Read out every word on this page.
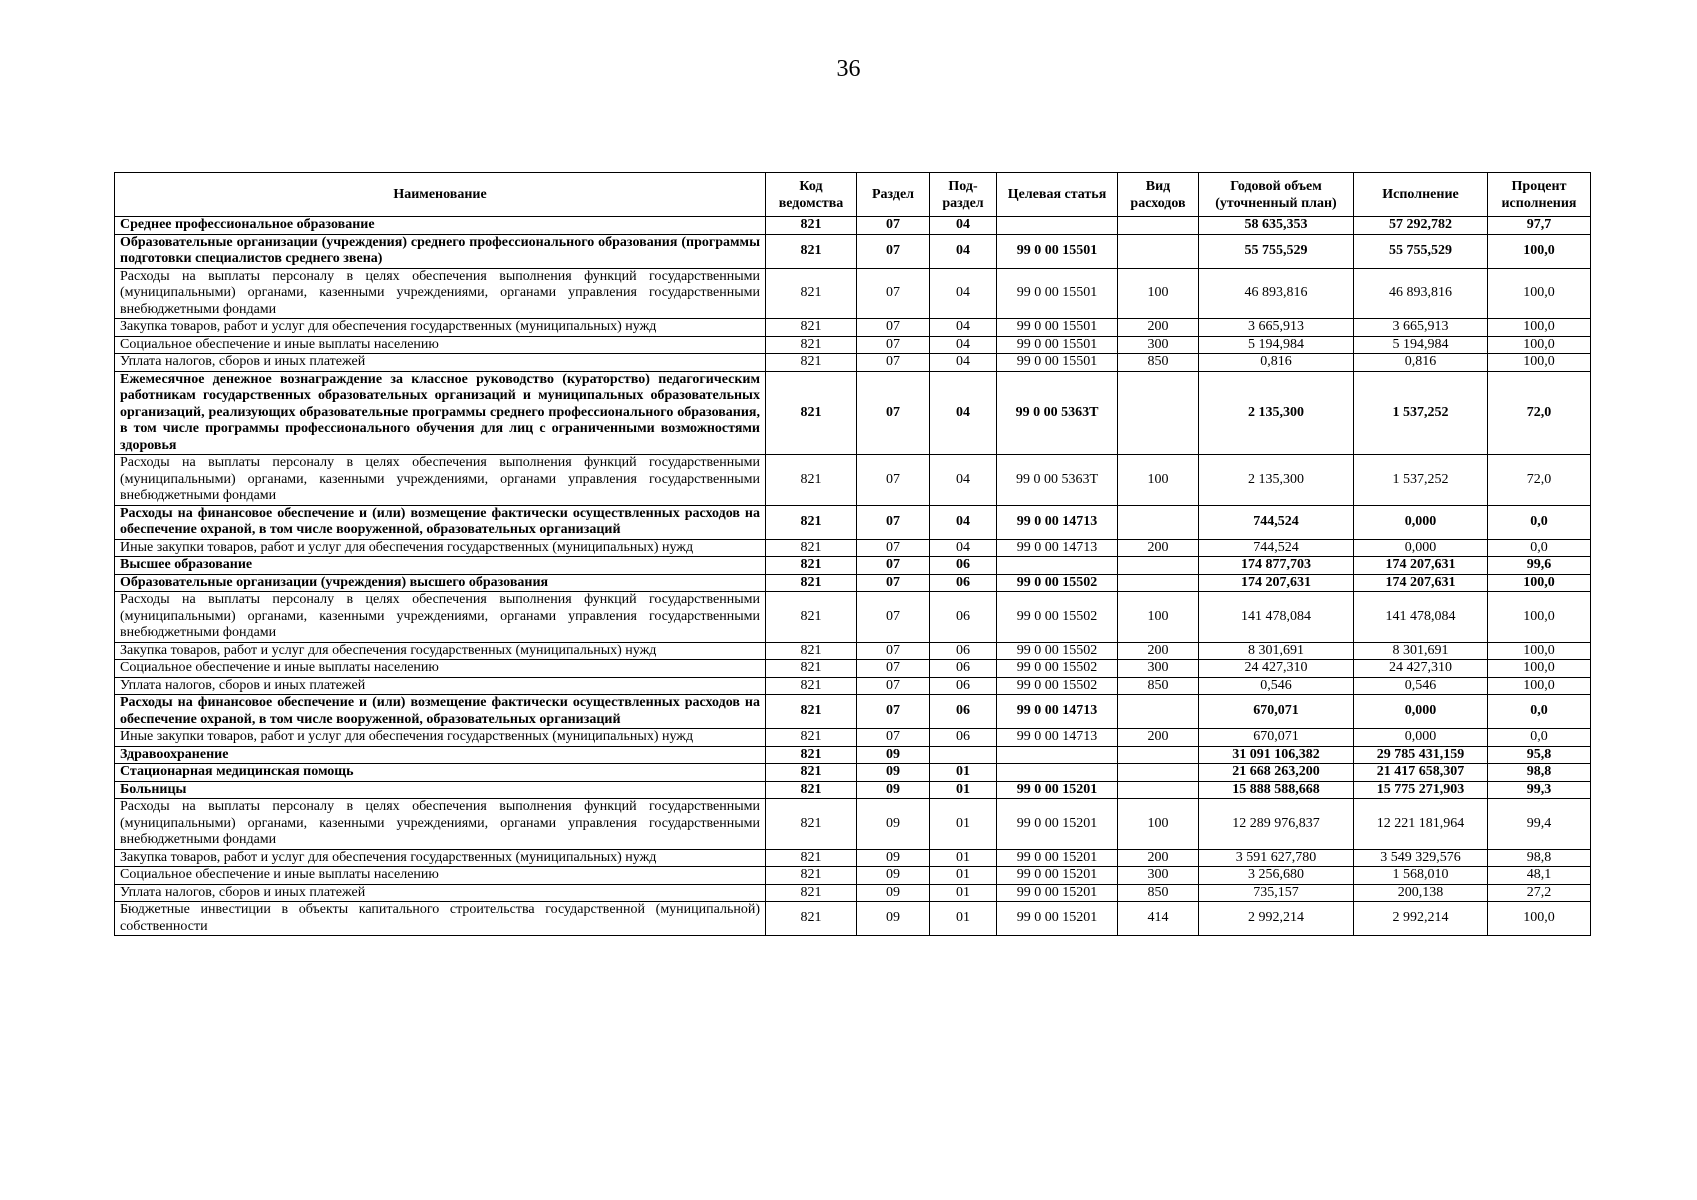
36
Наименование	Код ведомства	Раздел	Под-раздел	Целевая статья	Вид расходов	Годовой объем (уточненный план)	Исполнение	Процент исполнения
Среднее профессиональное образование	821	07	04			58 635,353	57 292,782	97,7
Образовательные организации (учреждения) среднего профессионального образования (программы подготовки специалистов среднего звена)	821	07	04	99 0 00 15501		55 755,529	55 755,529	100,0
Расходы на выплаты персоналу в целях обеспечения выполнения функций государственными (муниципальными) органами, казенными учреждениями, органами управления государственными внебюджетными фондами	821	07	04	99 0 00 15501	100	46 893,816	46 893,816	100,0
Закупка товаров, работ и услуг для обеспечения государственных (муниципальных) нужд	821	07	04	99 0 00 15501	200	3 665,913	3 665,913	100,0
Социальное обеспечение и иные выплаты населению	821	07	04	99 0 00 15501	300	5 194,984	5 194,984	100,0
Уплата налогов, сборов и иных платежей	821	07	04	99 0 00 15501	850	0,816	0,816	100,0
Ежемесячное денежное вознаграждение за классное руководство (кураторство) педагогическим работникам государственных образовательных организаций и муниципальных образовательных организаций, реализующих образовательные программы среднего профессионального образования, в том числе программы профессионального обучения для лиц с ограниченными возможностями здоровья	821	07	04	99 0 00 5363Т		2 135,300	1 537,252	72,0
Расходы на выплаты персоналу в целях обеспечения выполнения функций государственными (муниципальными) органами, казенными учреждениями, органами управления государственными внебюджетными фондами	821	07	04	99 0 00 5363Т	100	2 135,300	1 537,252	72,0
Расходы на финансовое обеспечение и (или) возмещение фактически осуществленных расходов на обеспечение охраной, в том числе вооруженной, образовательных организаций	821	07	04	99 0 00 14713		744,524	0,000	0,0
Иные закупки товаров, работ и услуг для обеспечения государственных (муниципальных) нужд	821	07	04	99 0 00 14713	200	744,524	0,000	0,0
Высшее образование	821	07	06			174 877,703	174 207,631	99,6
Образовательные организации (учреждения) высшего образования	821	07	06	99 0 00 15502		174 207,631	174 207,631	100,0
Расходы на выплаты персоналу в целях обеспечения выполнения функций государственными (муниципальными) органами, казенными учреждениями, органами управления государственными внебюджетными фондами	821	07	06	99 0 00 15502	100	141 478,084	141 478,084	100,0
Закупка товаров, работ и услуг для обеспечения государственных (муниципальных) нужд	821	07	06	99 0 00 15502	200	8 301,691	8 301,691	100,0
Социальное обеспечение и иные выплаты населению	821	07	06	99 0 00 15502	300	24 427,310	24 427,310	100,0
Уплата налогов, сборов и иных платежей	821	07	06	99 0 00 15502	850	0,546	0,546	100,0
Расходы на финансовое обеспечение и (или) возмещение фактически осуществленных расходов на обеспечение охраной, в том числе вооруженной, образовательных организаций	821	07	06	99 0 00 14713		670,071	0,000	0,0
Иные закупки товаров, работ и услуг для обеспечения государственных (муниципальных) нужд	821	07	06	99 0 00 14713	200	670,071	0,000	0,0
Здравоохранение	821	09				31 091 106,382	29 785 431,159	95,8
Стационарная медицинская помощь	821	09	01			21 668 263,200	21 417 658,307	98,8
Больницы	821	09	01	99 0 00 15201		15 888 588,668	15 775 271,903	99,3
Расходы на выплаты персоналу в целях обеспечения выполнения функций государственными (муниципальными) органами, казенными учреждениями, органами управления государственными внебюджетными фондами	821	09	01	99 0 00 15201	100	12 289 976,837	12 221 181,964	99,4
Закупка товаров, работ и услуг для обеспечения государственных (муниципальных) нужд	821	09	01	99 0 00 15201	200	3 591 627,780	3 549 329,576	98,8
Социальное обеспечение и иные выплаты населению	821	09	01	99 0 00 15201	300	3 256,680	1 568,010	48,1
Уплата налогов, сборов и иных платежей	821	09	01	99 0 00 15201	850	735,157	200,138	27,2
Бюджетные инвестиции в объекты капитального строительства государственной (муниципальной) собственности	821	09	01	99 0 00 15201	414	2 992,214	2 992,214	100,0
